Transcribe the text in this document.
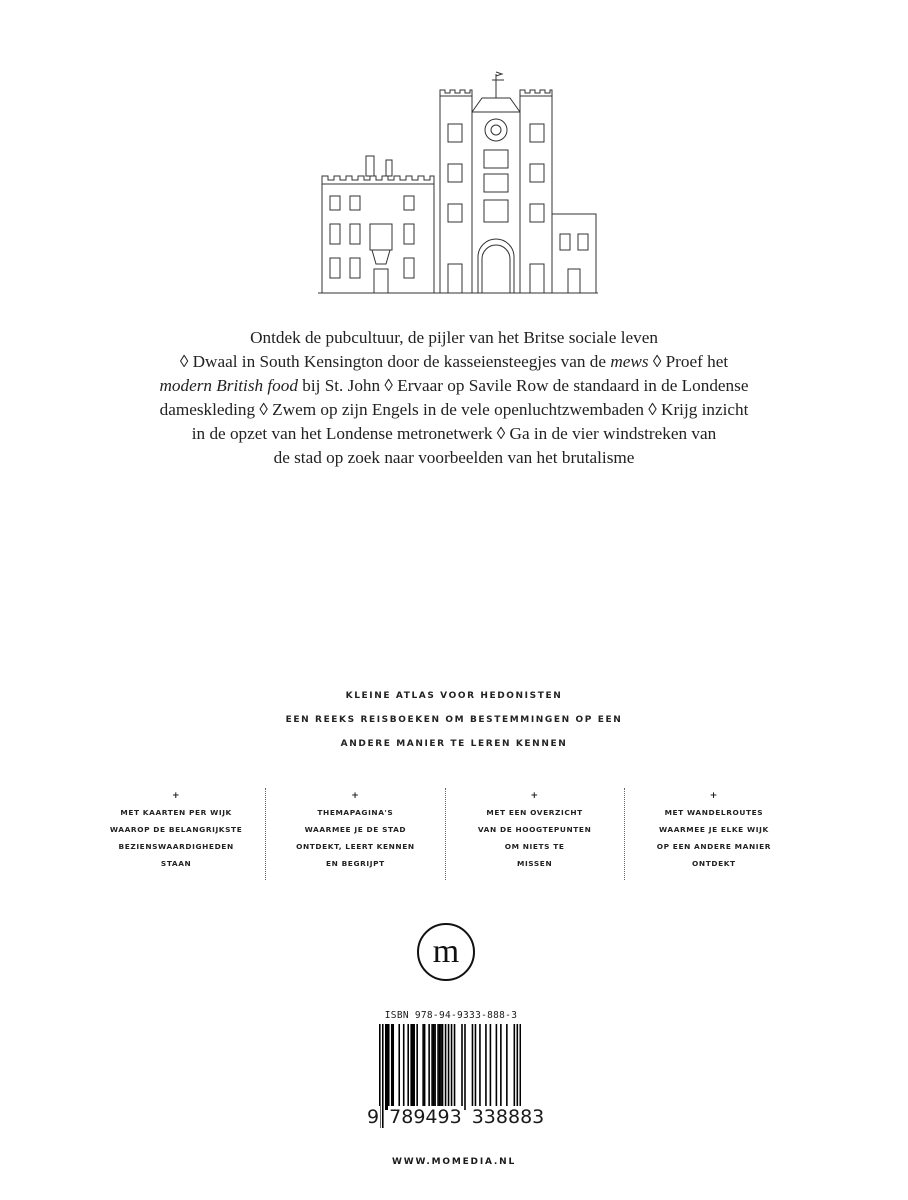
Ontdek de pubcultuur, de pijler van het Britse sociale leven
◊ Dwaal in South Kensington door de kasseiensteegjes van de mews ◊ Proef het
modern British food bij St. John ◊ Ervaar op Savile Row de standaard in de Londense
dameskleding ◊ Zwem op zijn Engels in de vele openluchtzwembaden ◊ Krijg inzicht
in de opzet van het Londense metronetwerk ◊ Ga in de vier windstreken van
de stad op zoek naar voorbeelden van het brutalisme
KLEINE ATLAS VOOR HEDONISTEN
EEN REEKS REISBOEKEN OM BESTEMMINGEN OP EEN
ANDERE MANIER TE LEREN KENNEN
+
MET KAARTEN PER WIJK
WAAROP DE BELANGRIJKSTE
BEZIENSWAARDIGHEDEN
STAAN
+
THEMAPAGINA'S
WAARMEE JE DE STAD
ONTDEKT, LEERT KENNEN
EN BEGRIJPT
+
MET EEN OVERZICHT
VAN DE HOOGTEPUNTEN
OM NIETS TE
MISSEN
+
MET WANDELROUTES
WAARMEE JE ELKE WIJK
OP EEN ANDERE MANIER
ONTDEKT
m
ISBN 978-94-9333-888-3
9 789493 338883
WWW.MOMEDIA.NL
